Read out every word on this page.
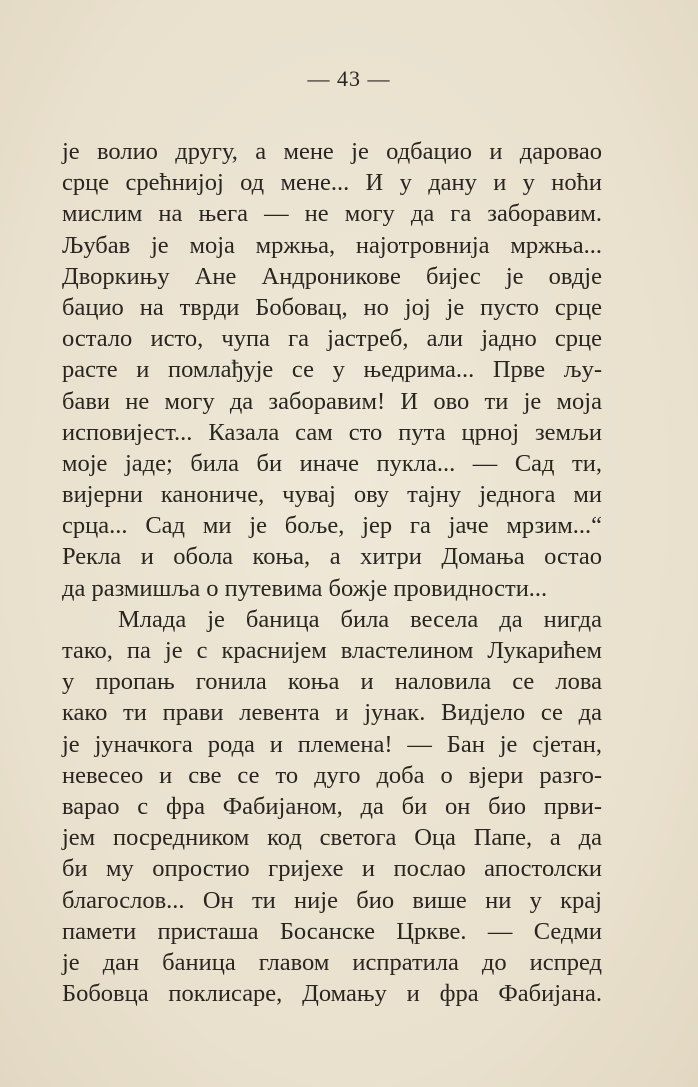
— 43 —
је волио другу, а мене је одбацио и даровао
срце срећнијој од мене... И у дану и у ноћи
мислим на њега — не могу да га заборавим.
Љубав је моја мржња, најотровнија мржња...
Дворкињу Ане Андрониковe бијес је овдје
бацио на тврди Бобовац, но јој је пусто срце
остало исто, чупа га јастреб, али јадно срце
расте и помлађује се у њедрима... Прве љу-
бави не могу да заборавим! И ово ти је моја
исповијест... Казала сам сто пута црној земљи
моје јаде; била би иначе пукла... — Сад ти,
вијерни канониче, чувај ову тајну једнога ми
срца... Сад ми је боље, јер га јаче мрзим...“
Рекла и обола коња, а хитри Домања остао
да размишља о путевима божје провидности...
Млада је баница била весела да нигда
тако, па је с краснијем властелином Лукарићем
у пропањ гонила коња и наловила се лова
како ти прави левента и јунак. Видјело се да
је јуначкога рода и племена! — Бан је сјетан,
невесео и све се то дуго доба о вјери разго-
варао с фра Фабијаном, да би он био први-
јем посредником код светога Оца Папе, а да
би му опростио гријехе и послао апостолски
благослов... Он ти није био више ни у крај
памети присташа Босанске Цркве. — Седми
је дан баница главом испратила до испред
Бобовца поклисаре, Домању и фра Фабијана.
